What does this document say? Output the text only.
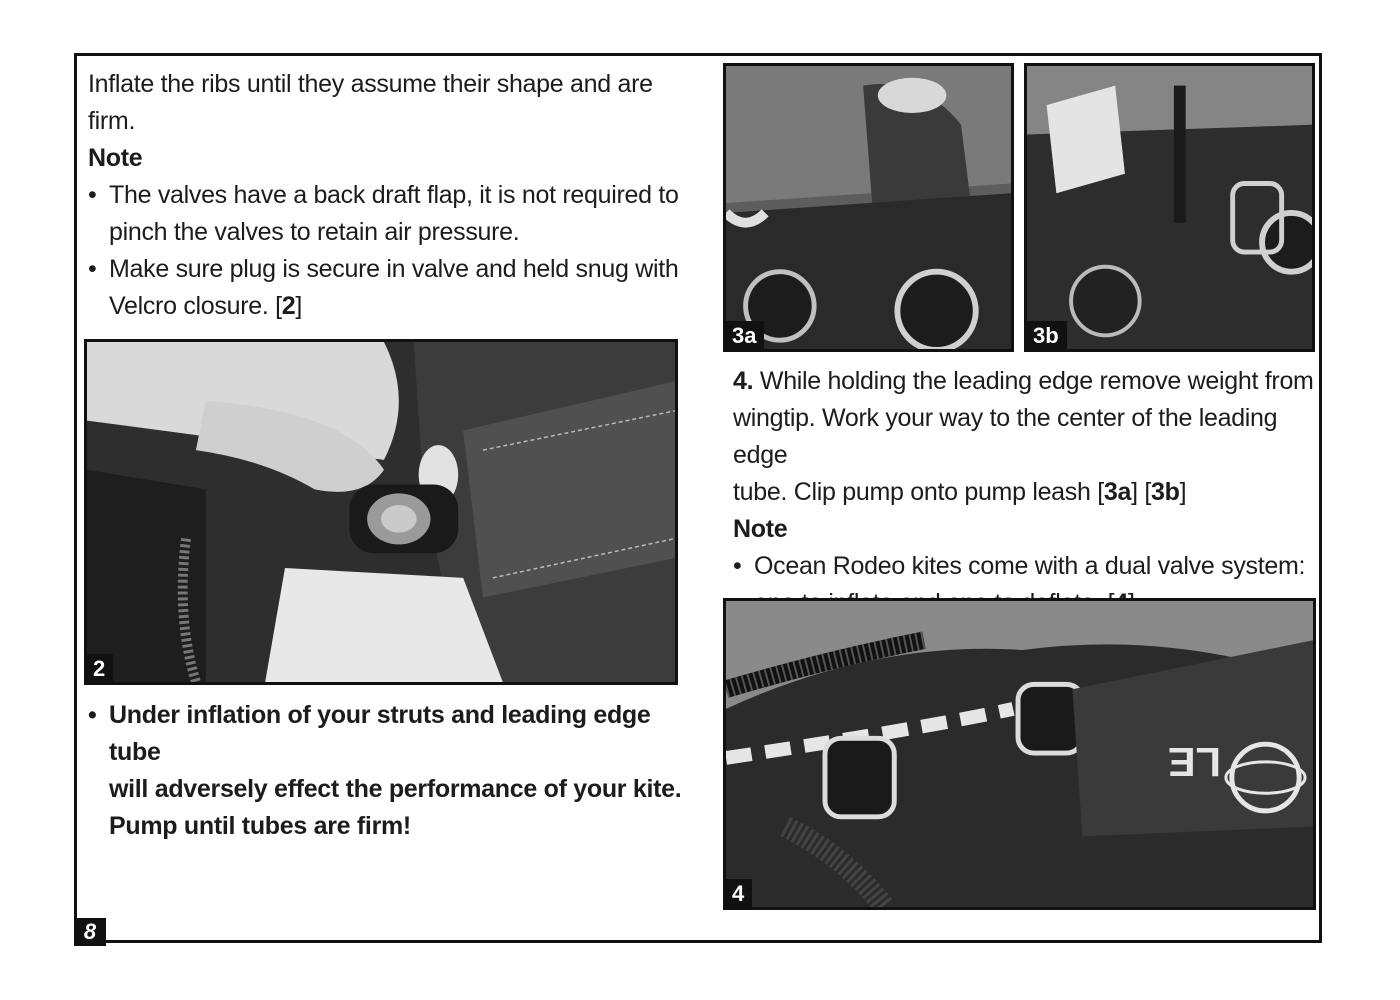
Inflate the ribs until they assume their shape and are

firm.

Note

• The valves have a back draft flap, it is not required to

pinch the valves to retain air pressure.

• Make sure plug is secure in valve and held snug with

Velcro closure. [2]

2

• Under inflation of your struts and leading edge tube

will adversely effect the performance of your kite.

Pump until tubes are firm!

3a	3b

4. While holding the leading edge remove weight from

wingtip. Work your way to the center of the leading edge

tube. Clip pump onto pump leash [3a] [3b]

Note

• Ocean Rodeo kites come with a dual valve system:

LE
4
8
